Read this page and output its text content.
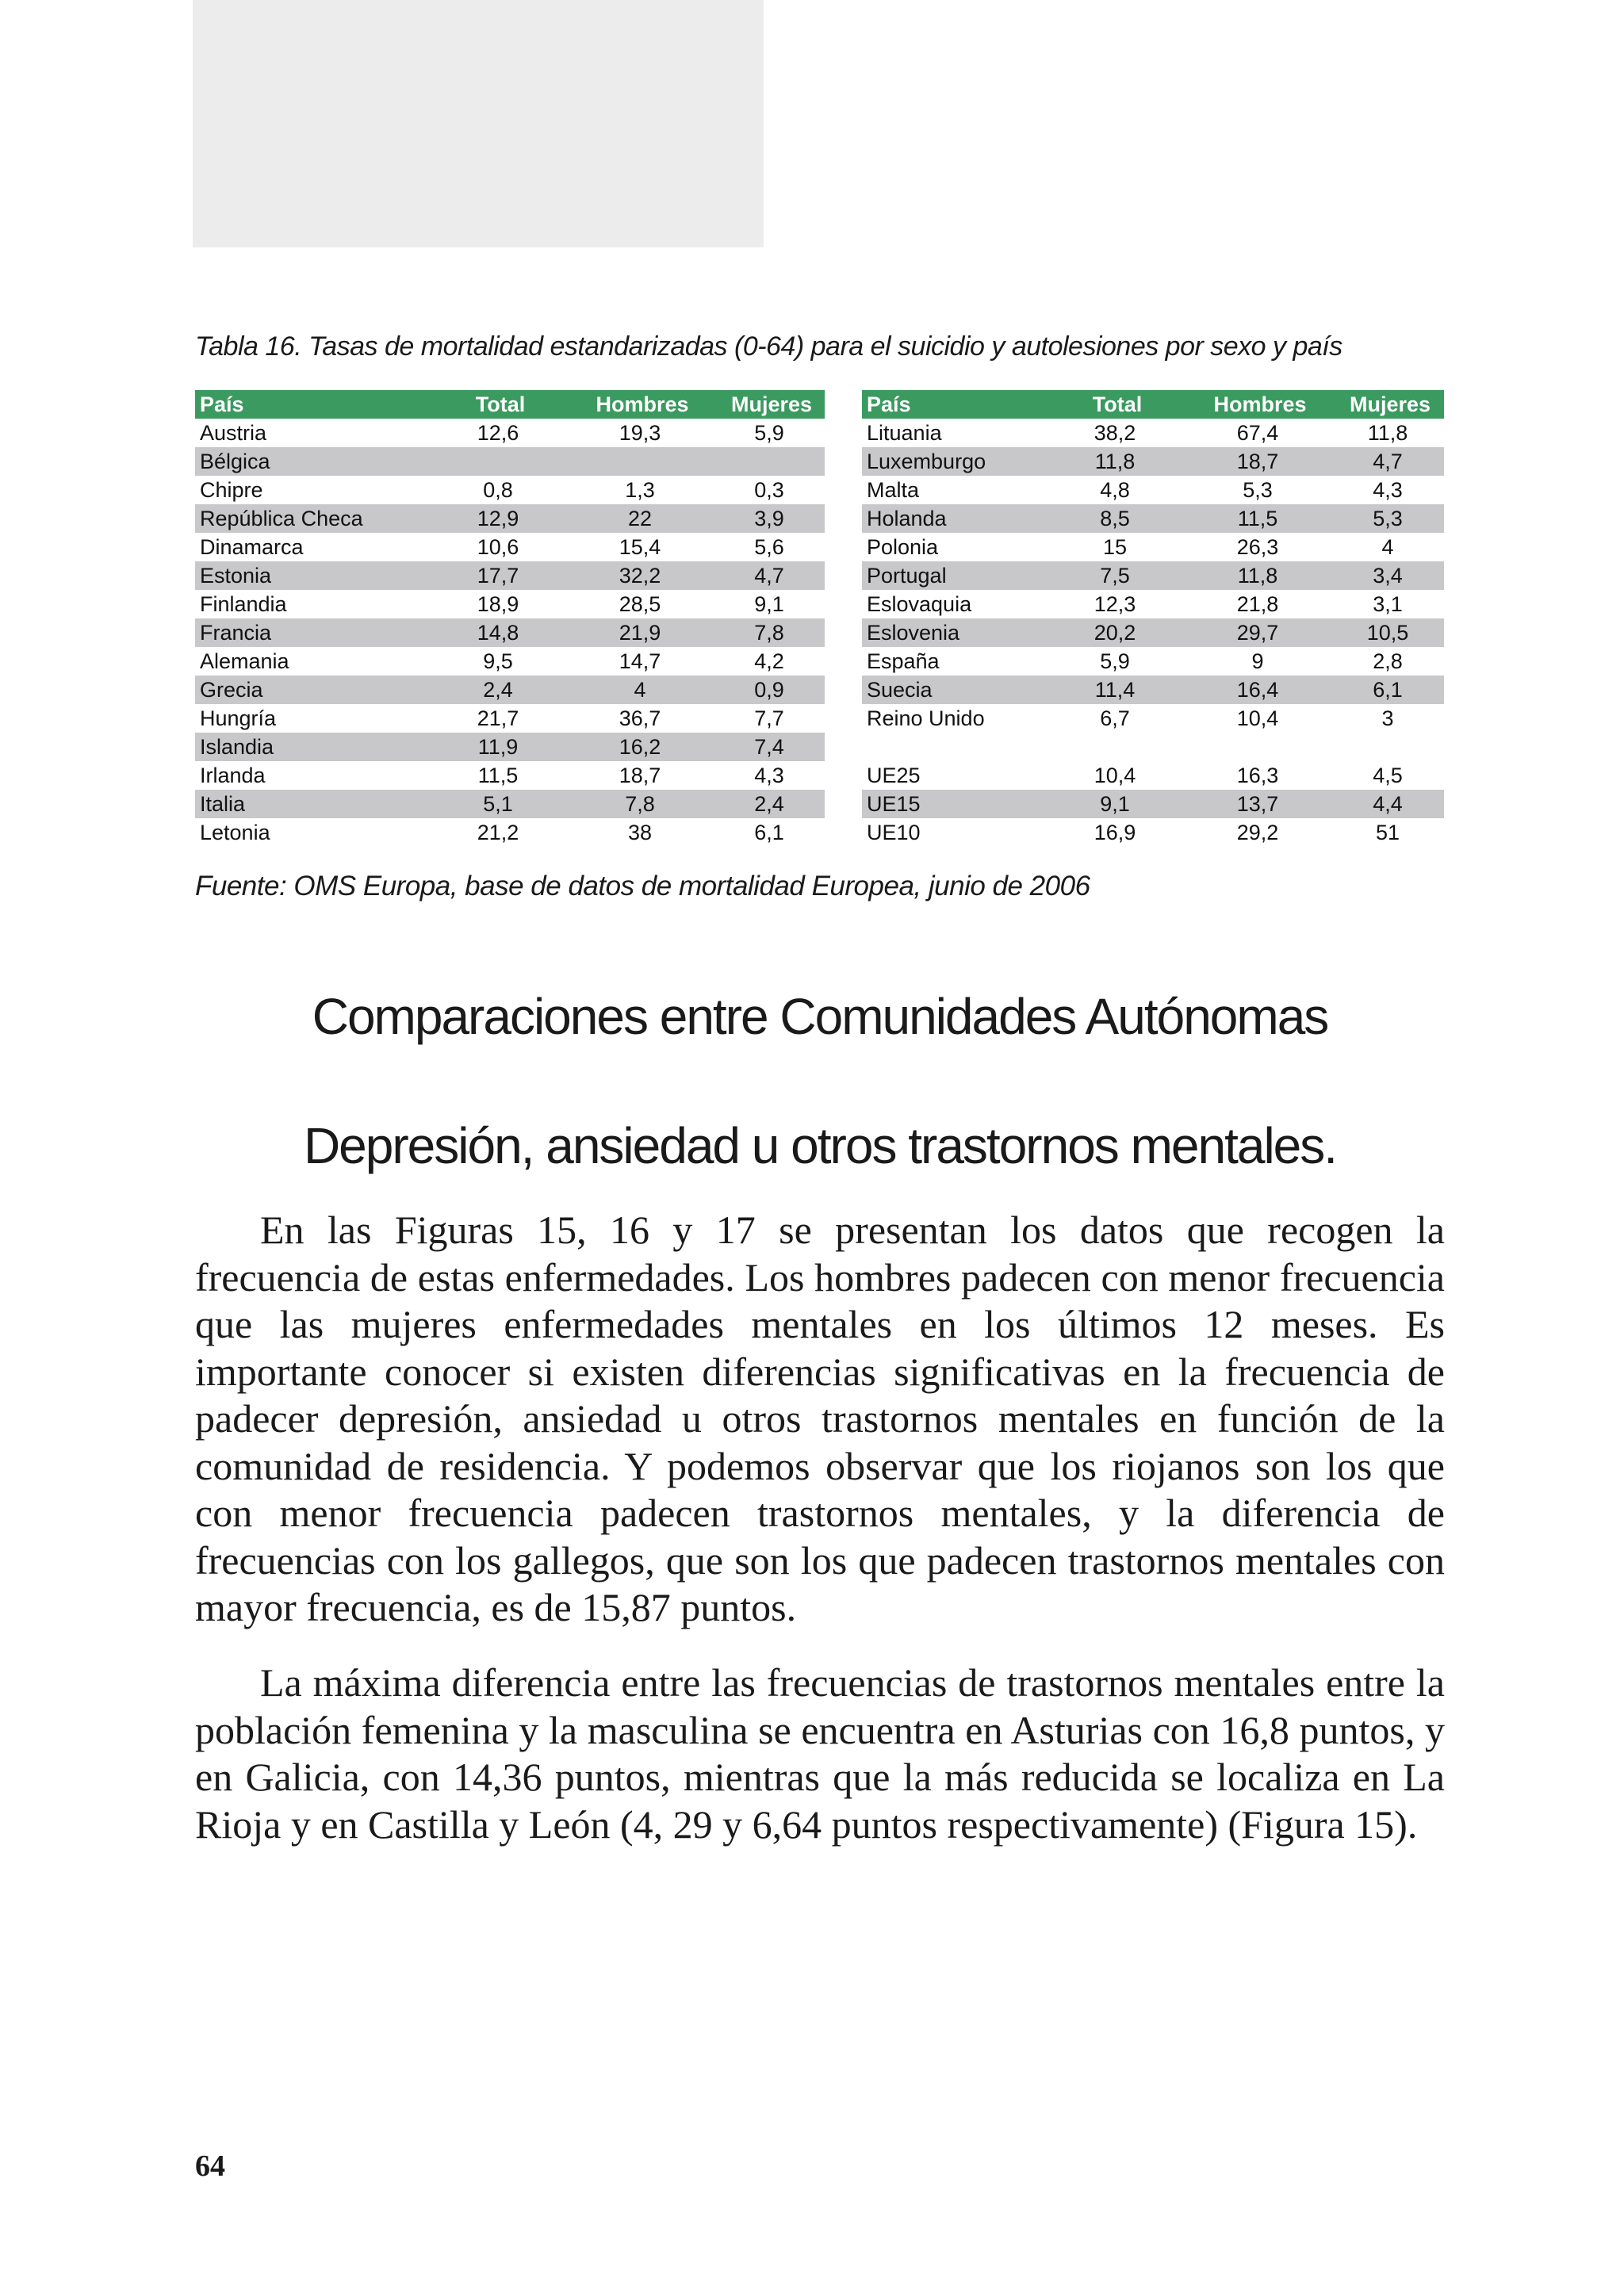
Tabla 16. Tasas de mortalidad estandarizadas (0-64) para el suicidio y autolesiones por sexo y país
País	Total	Hombres	Mujeres
Austria	12,6	19,3	5,9
Bélgica			
Chipre	0,8	1,3	0,3
República Checa	12,9	22	3,9
Dinamarca	10,6	15,4	5,6
Estonia	17,7	32,2	4,7
Finlandia	18,9	28,5	9,1
Francia	14,8	21,9	7,8
Alemania	9,5	14,7	4,2
Grecia	2,4	4	0,9
Hungría	21,7	36,7	7,7
Islandia	11,9	16,2	7,4
Irlanda	11,5	18,7	4,3
Italia	5,1	7,8	2,4
Letonia	21,2	38	6,1
País	Total	Hombres	Mujeres
Lituania	38,2	67,4	11,8
Luxemburgo	11,8	18,7	4,7
Malta	4,8	5,3	4,3
Holanda	8,5	11,5	5,3
Polonia	15	26,3	4
Portugal	7,5	11,8	3,4
Eslovaquia	12,3	21,8	3,1
Eslovenia	20,2	29,7	10,5
España	5,9	9	2,8
Suecia	11,4	16,4	6,1
Reino Unido	6,7	10,4	3

UE25	10,4	16,3	4,5
UE15	9,1	13,7	4,4
UE10	16,9	29,2	51
Fuente: OMS Europa, base de datos de mortalidad Europea, junio de 2006
Comparaciones entre Comunidades Autónomas
Depresión, ansiedad u otros trastornos mentales.

En las Figuras 15, 16 y 17 se presentan los datos que recogen la frecuencia de estas enfermedades. Los hombres padecen con menor frecuencia que las mujeres enfermedades mentales en los últimos 12 meses. Es importante conocer si existen diferencias significativas en la frecuencia de padecer depresión, ansiedad u otros trastornos mentales en función de la comunidad de residencia. Y podemos observar que los riojanos son los que con menor frecuencia padecen trastornos mentales, y la diferencia de frecuencias con los gallegos, que son los que padecen trastornos mentales con mayor frecuencia, es de 15,87 puntos.

La máxima diferencia entre las frecuencias de trastornos mentales entre la población femenina y la masculina se encuentra en Asturias con 16,8 puntos, y en Galicia, con 14,36 puntos, mientras que la más reducida se localiza en La Rioja y en Castilla y León (4, 29 y 6,64 puntos respectivamente) (Figura 15).

64
